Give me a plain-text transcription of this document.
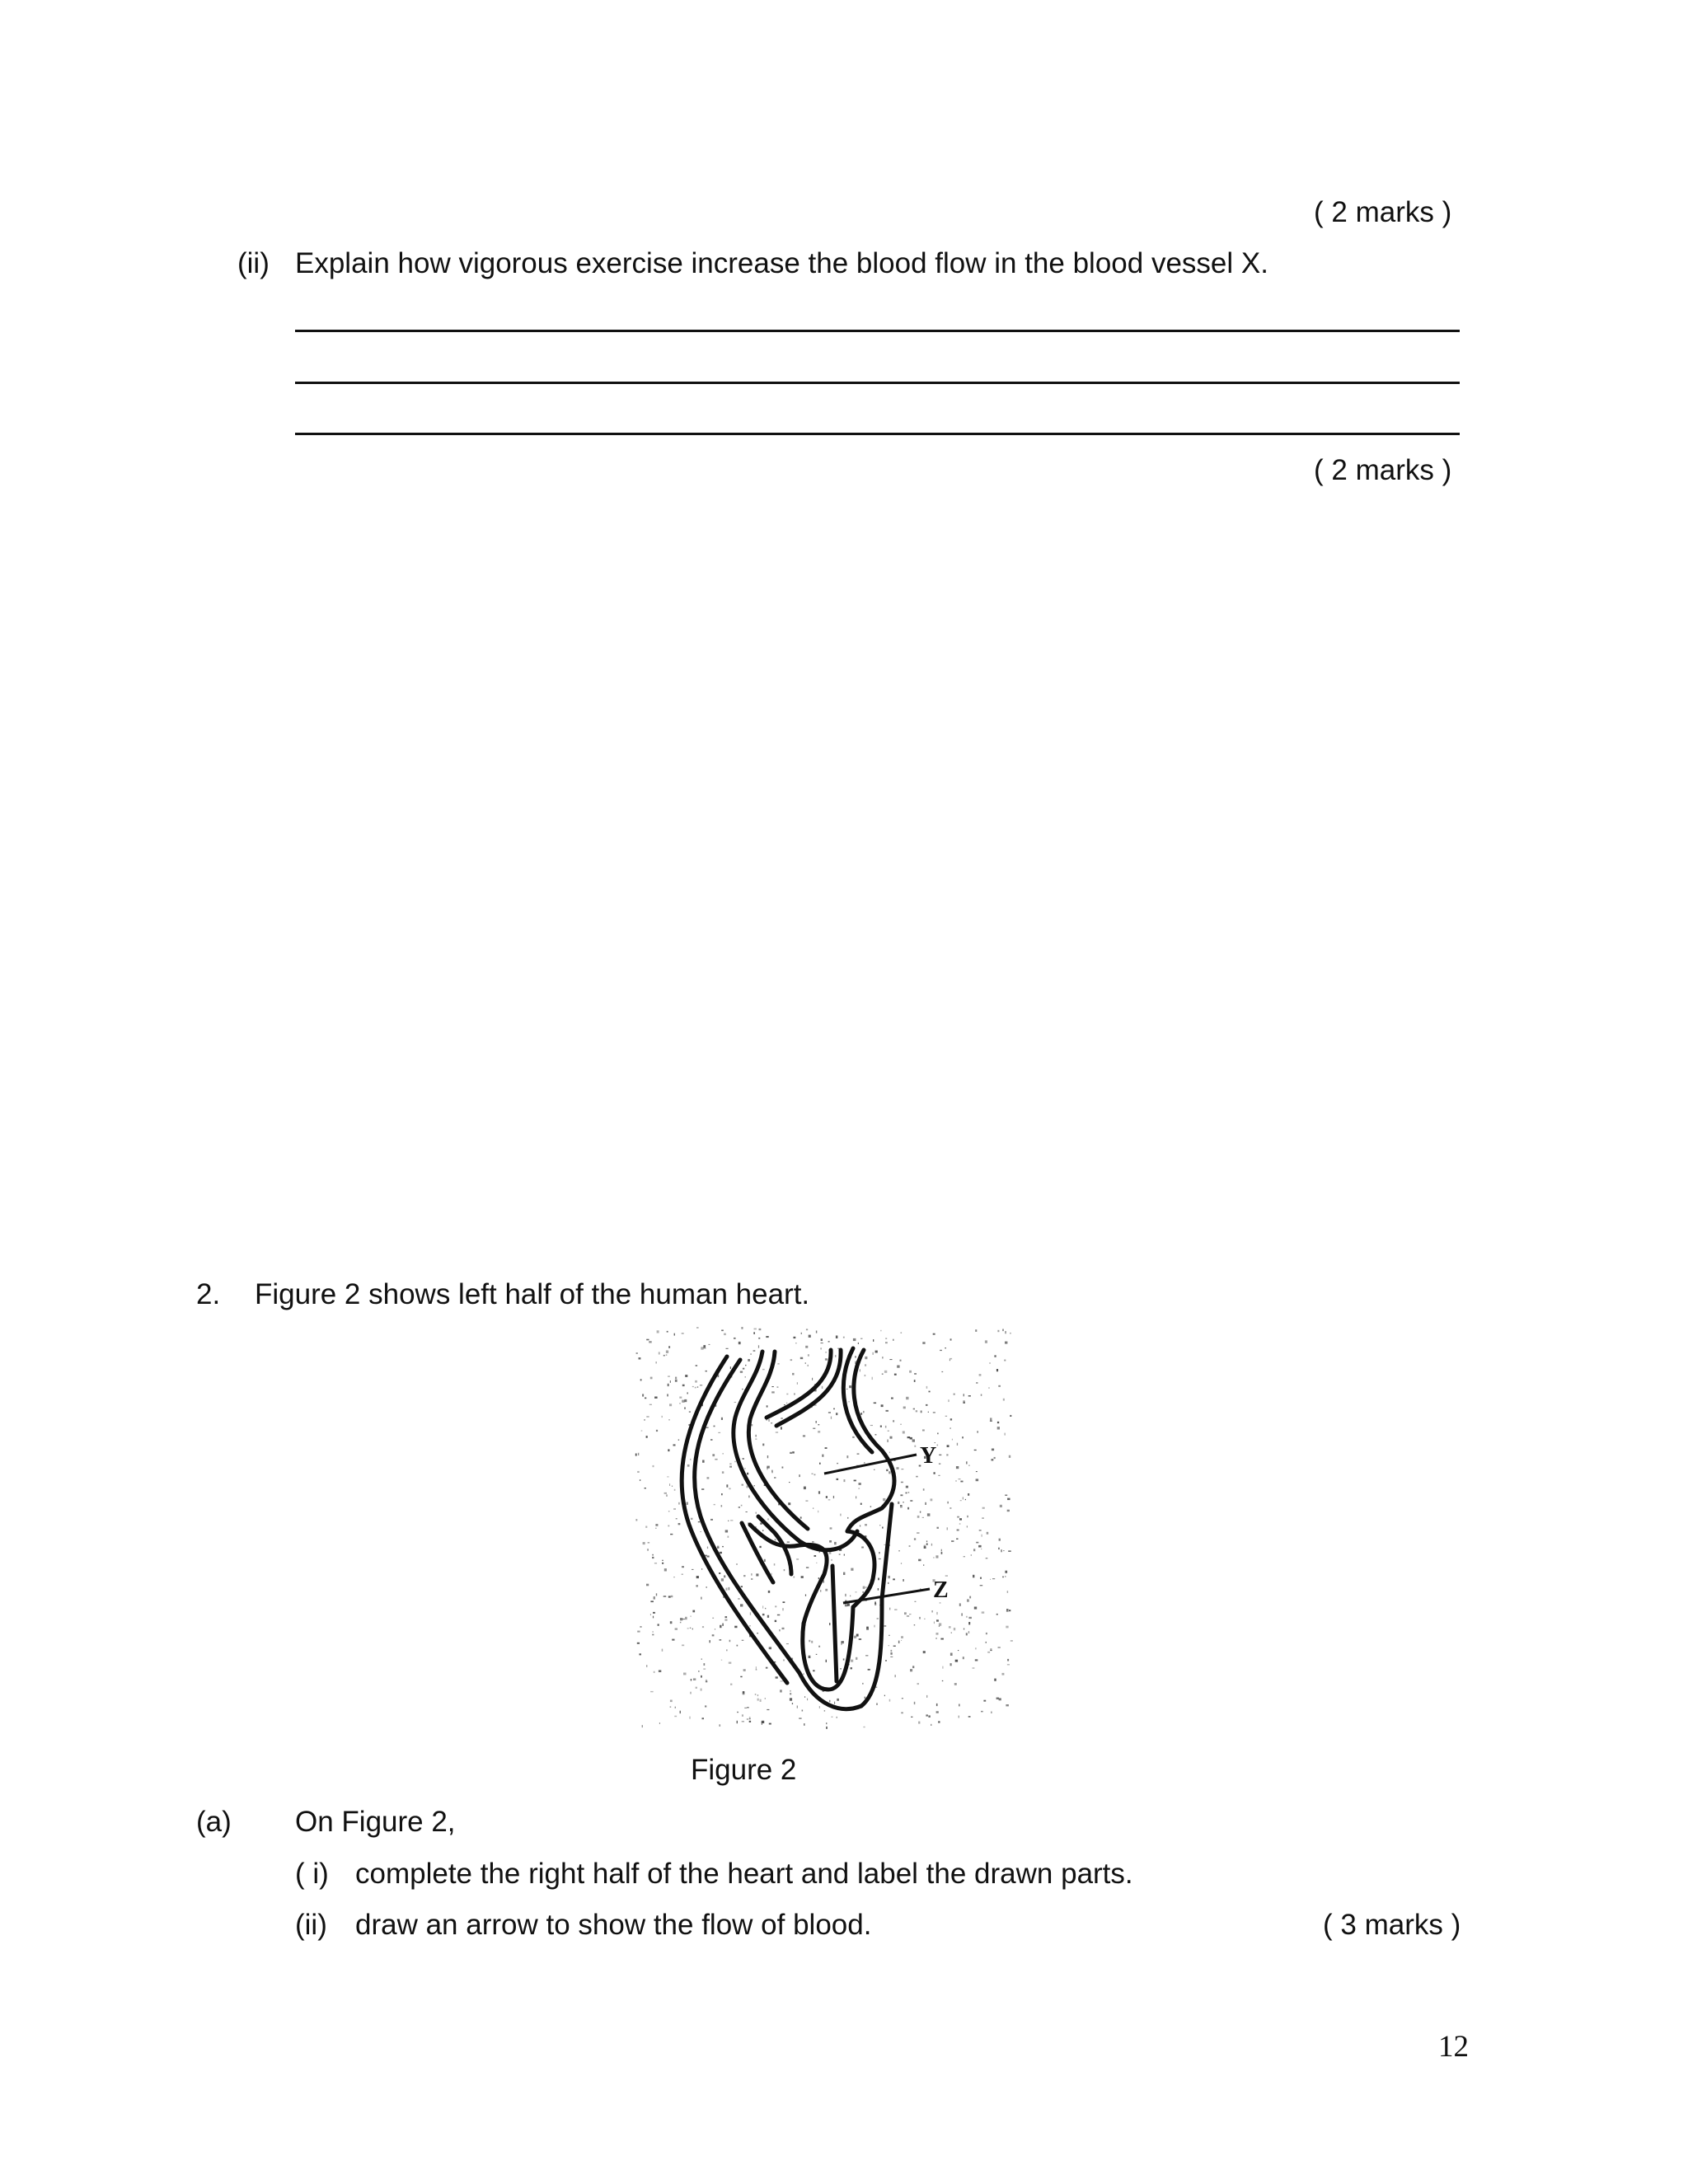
( 2 marks )
(ii) Explain how vigorous exercise increase the blood flow in the blood vessel X.
( 2 marks )
2. Figure 2 shows left half of the human heart.
Y
Z
Figure 2
(a) On Figure 2,
( i) complete the right half of the heart and label the drawn parts.
(ii) draw an arrow to show the flow of blood.	( 3 marks )
12
